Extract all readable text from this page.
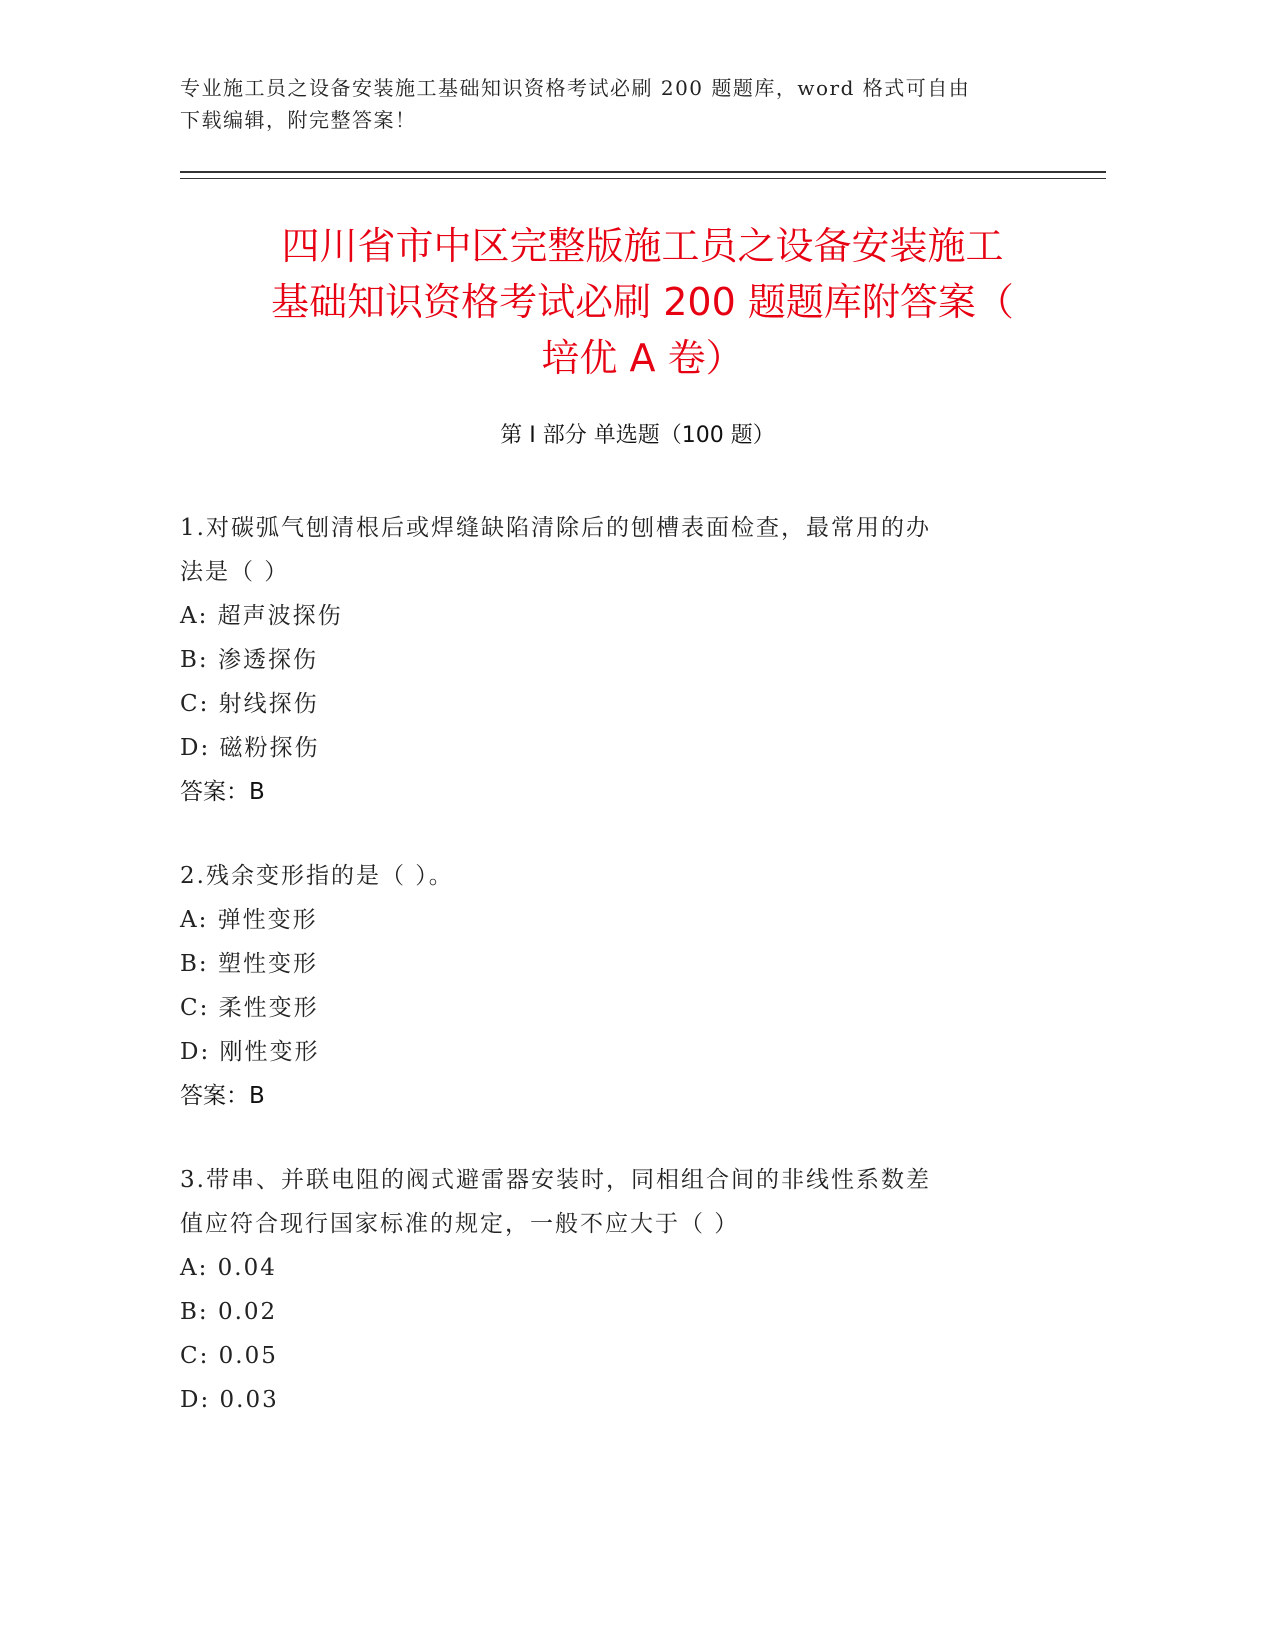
专业施工员之设备安装施工基础知识资格考试必刷 200 题题库，word 格式可自由
下载编辑，附完整答案！
四川省市中区完整版施工员之设备安装施工
基础知识资格考试必刷 200 题题库附答案（
培优 A 卷）
第 I 部分 单选题（100 题）
1.对碳弧气刨清根后或焊缝缺陷清除后的刨槽表面检查，最常用的办
法是（ ）
A: 超声波探伤
B: 渗透探伤
C: 射线探伤
D: 磁粉探伤
答案：B
2.残余变形指的是（ ）。
A: 弹性变形
B: 塑性变形
C: 柔性变形
D: 刚性变形
答案：B
3.带串、并联电阻的阀式避雷器安装时，同相组合间的非线性系数差
值应符合现行国家标准的规定，一般不应大于（ ）
A: 0.04
B: 0.02
C: 0.05
D: 0.03
